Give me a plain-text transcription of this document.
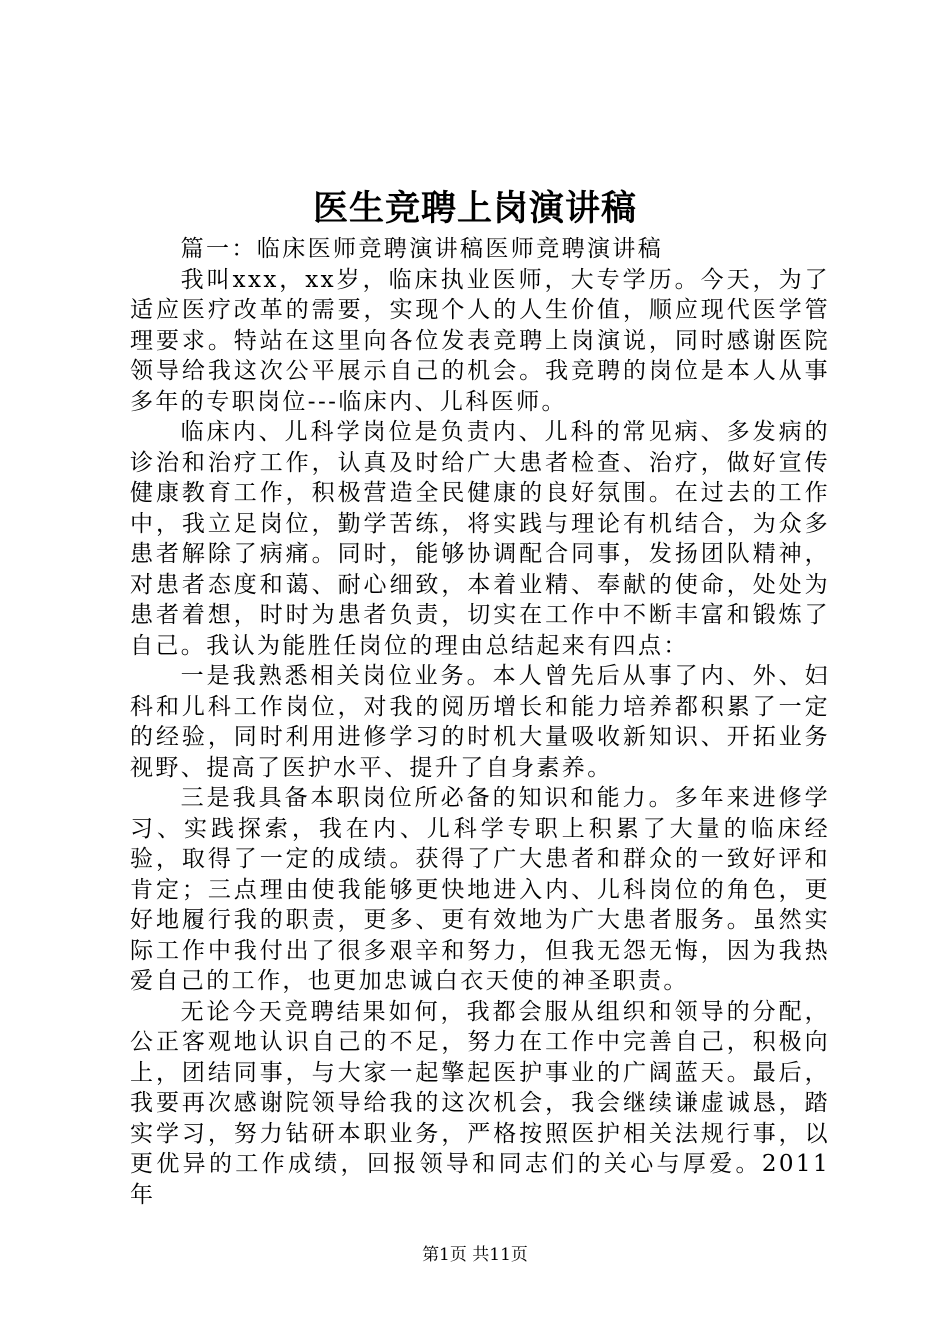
医生竞聘上岗演讲稿

篇一：临床医师竞聘演讲稿医师竞聘演讲稿

我叫xxx，xx岁，临床执业医师，大专学历。今天，为了适应医疗改革的需要，实现个人的人生价值，顺应现代医学管理要求。特站在这里向各位发表竞聘上岗演说，同时感谢医院领导给我这次公平展示自己的机会。我竞聘的岗位是本人从事多年的专职岗位---临床内、儿科医师。

临床内、儿科学岗位是负责内、儿科的常见病、多发病的诊治和治疗工作，认真及时给广大患者检查、治疗，做好宣传健康教育工作，积极营造全民健康的良好氛围。在过去的工作中，我立足岗位，勤学苦练，将实践与理论有机结合，为众多患者解除了病痛。同时，能够协调配合同事，发扬团队精神，对患者态度和蔼、耐心细致，本着业精、奉献的使命，处处为患者着想，时时为患者负责，切实在工作中不断丰富和锻炼了自己。我认为能胜任岗位的理由总结起来有四点：

一是我熟悉相关岗位业务。本人曾先后从事了内、外、妇科和儿科工作岗位，对我的阅历增长和能力培养都积累了一定的经验，同时利用进修学习的时机大量吸收新知识、开拓业务视野、提高了医护水平、提升了自身素养。

三是我具备本职岗位所必备的知识和能力。多年来进修学习、实践探索，我在内、儿科学专职上积累了大量的临床经验，取得了一定的成绩。获得了广大患者和群众的一致好评和肯定；三点理由使我能够更快地进入内、儿科岗位的角色，更好地履行我的职责，更多、更有效地为广大患者服务。虽然实际工作中我付出了很多艰辛和努力，但我无怨无悔，因为我热爱自己的工作，也更加忠诚白衣天使的神圣职责。

无论今天竞聘结果如何，我都会服从组织和领导的分配，公正客观地认识自己的不足，努力在工作中完善自己，积极向上，团结同事，与大家一起擎起医护事业的广阔蓝天。最后，我要再次感谢院领导给我的这次机会，我会继续谦虚诚恳，踏实学习，努力钻研本职业务，严格按照医护相关法规行事，以更优异的工作成绩，回报领导和同志们的关心与厚爱。2011年

第1页 共11页
